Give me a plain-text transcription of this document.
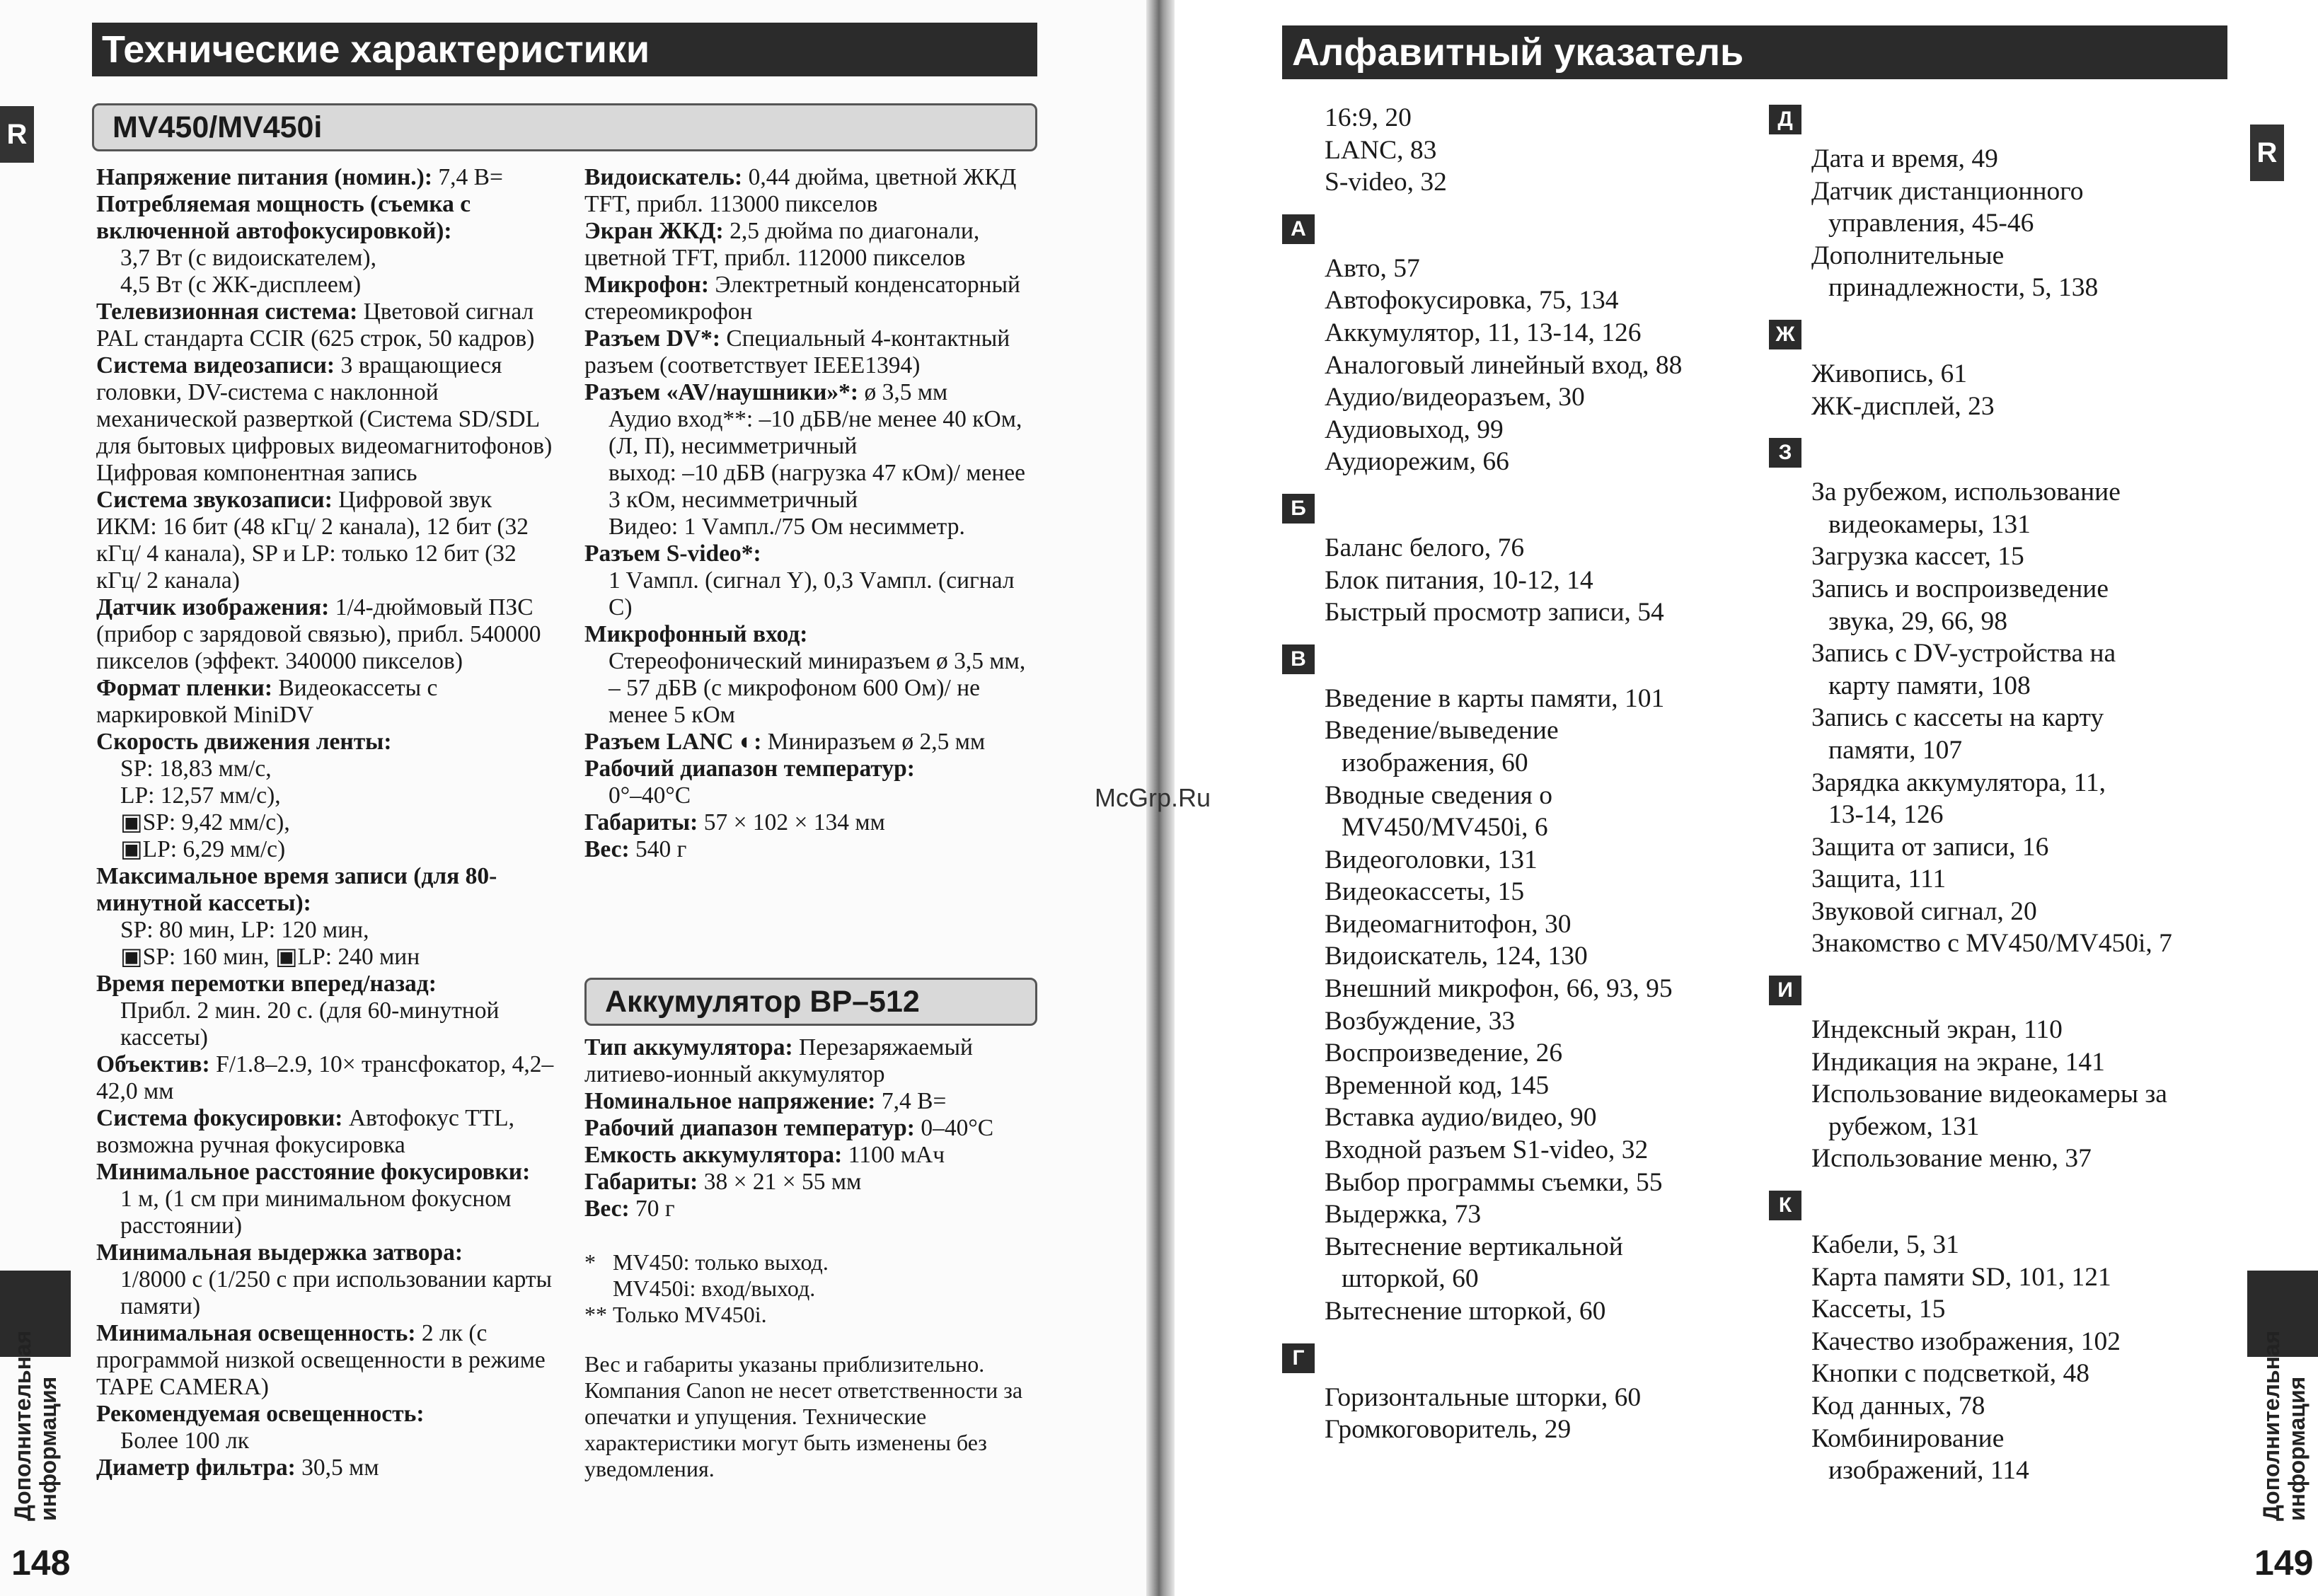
Технические характеристики
R	MV450/MV450i
Напряжение питания (номин.): 7,4 В=
Потребляемая мощность (съемка с включенной автофокусировкой):
3,7 Вт (с видоискателем),
4,5 Вт (с ЖК-дисплеем)
Телевизионная система: Цветовой сигнал PAL стандарта CCIR (625 строк, 50 кадров)
Система видеозаписи: 3 вращающиеся головки, DV-система с наклонной механической разверткой (Система SD/SDL для бытовых цифровых видеомагнитофонов) Цифровая компонентная запись
Система звукозаписи: Цифровой звук ИКМ: 16 бит (48 кГц/ 2 канала), 12 бит (32 кГц/ 4 канала), SP и LP: только 12 бит (32 кГц/ 2 канала)
Датчик изображения: 1/4-дюймовый ПЗС (прибор с зарядовой связью), прибл. 540000 пикселов (эффект. 340000 пикселов)
Формат пленки: Видеокассеты с маркировкой MiniDV
Скорость движения ленты:
SP: 18,83 мм/с,
LP: 12,57 мм/с),
▣SP: 9,42 мм/с),
▣LP: 6,29 мм/с)
Максимальное время записи (для 80-минутной кассеты):
SP: 80 мин, LP: 120 мин,
▣SP: 160 мин, ▣LP: 240 мин
Время перемотки вперед/назад:
Прибл. 2 мин. 20 с. (для 60-минутной кассеты)
Объектив: F/1.8–2.9, 10× трансфокатор, 4,2–42,0 мм
Система фокусировки: Автофокус TTL, возможна ручная фокусировка
Минимальное расстояние фокусировки:
1 м, (1 см при минимальном фокусном расстоянии)
Минимальная выдержка затвора:
1/8000 с (1/250 с при использовании карты памяти)
Минимальная освещенность: 2 лк (с программой низкой освещенности в режиме TAPE CAMERA)
Рекомендуемая освещенность:
Более 100 лк
Диаметр фильтра: 30,5 мм
Видоискатель: 0,44 дюйма, цветной ЖКД TFT, прибл. 113000 пикселов
Экран ЖКД: 2,5 дюйма по диагонали, цветной TFT, прибл. 112000 пикселов
Микрофон: Электретный конденсаторный стереомикрофон
Разъем DV*: Специальный 4-контактный разъем (соответствует IEEE1394)
Разъем «AV/наушники»*: ø 3,5 мм
Аудио вход**: –10 дБВ/не менее 40 кОм, (Л, П), несимметричный
выход: –10 дБВ (нагрузка 47 кОм)/ менее 3 кОм, несимметричный
Видео: 1 Vампл./75 Ом несимметр.
Разъем S-video*:
1 Vампл. (сигнал Y), 0,3 Vампл. (сигнал C)
Микрофонный вход:
Стереофонический миниразъем ø 3,5 мм, – 57 дБВ (с микрофоном 600 Ом)/ не менее 5 кОм
Разъем LANC ◐: Миниразъем ø 2,5 мм
Рабочий диапазон температур:
0°–40°C
Габариты: 57 × 102 × 134 мм
Вес: 540 г
Аккумулятор BP–512
Тип аккумулятора: Перезаряжаемый литиево-ионный аккумулятор
Номинальное напряжение: 7,4 В=
Рабочий диапазон температур: 0–40°C
Емкость аккумулятора: 1100 мАч
Габариты: 38 × 21 × 55 мм
Вес: 70 г
*   MV450: только выход.
MV450i: вход/выход.
** Только MV450i.
Вес и габариты указаны приблизительно. Компания Canon не несет ответственности за опечатки и упущения. Технические характеристики могут быть изменены без уведомления.
Дополнительная информация
148
Алфавитный указатель
R
16:9, 20
LANC, 83
S-video, 32
А
Авто, 57
Автофокусировка, 75, 134
Аккумулятор, 11, 13-14, 126
Аналоговый линейный вход, 88
Аудио/видеоразъем, 30
Аудиовыход, 99
Аудиорежим, 66
Б
Баланс белого, 76
Блок питания, 10-12, 14
Быстрый просмотр записи, 54
В
Введение в карты памяти, 101
Введение/выведение
изображения, 60
Вводные сведения о
MV450/MV450i, 6
Видеоголовки, 131
Видеокассеты, 15
Видеомагнитофон, 30
Видоискатель, 124, 130
Внешний микрофон, 66, 93, 95
Возбуждение, 33
Воспроизведение, 26
Временной код, 145
Вставка аудио/видео, 90
Входной разъем S1-video, 32
Выбор программы съемки, 55
Выдержка, 73
Вытеснение вертикальной
шторкой, 60
Вытеснение шторкой, 60
Г
Горизонтальные шторки, 60
Громкоговоритель, 29
Д
Дата и время, 49
Датчик дистанционного
управления, 45-46
Дополнительные
принадлежности, 5, 138
Ж
Живопись, 61
ЖК-дисплей, 23
З
За рубежом, использование
видеокамеры, 131
Загрузка кассет, 15
Запись и воспроизведение
звука, 29, 66, 98
Запись с DV-устройства на
карту памяти, 108
Запись с кассеты на карту
памяти, 107
Зарядка аккумулятора, 11,
13-14, 126
Защита от записи, 16
Защита, 111
Звуковой сигнал, 20
Знакомство с MV450/MV450i, 7
И
Индексный экран, 110
Индикация на экране, 141
Использование видеокамеры за
рубежом, 131
Использование меню, 37
К
Кабели, 5, 31
Карта памяти SD, 101, 121
Кассеты, 15
Качество изображения, 102
Кнопки с подсветкой, 48
Код данных, 78
Комбинирование
изображений, 114	Дополнительная информация
149
McGrp.Ru
